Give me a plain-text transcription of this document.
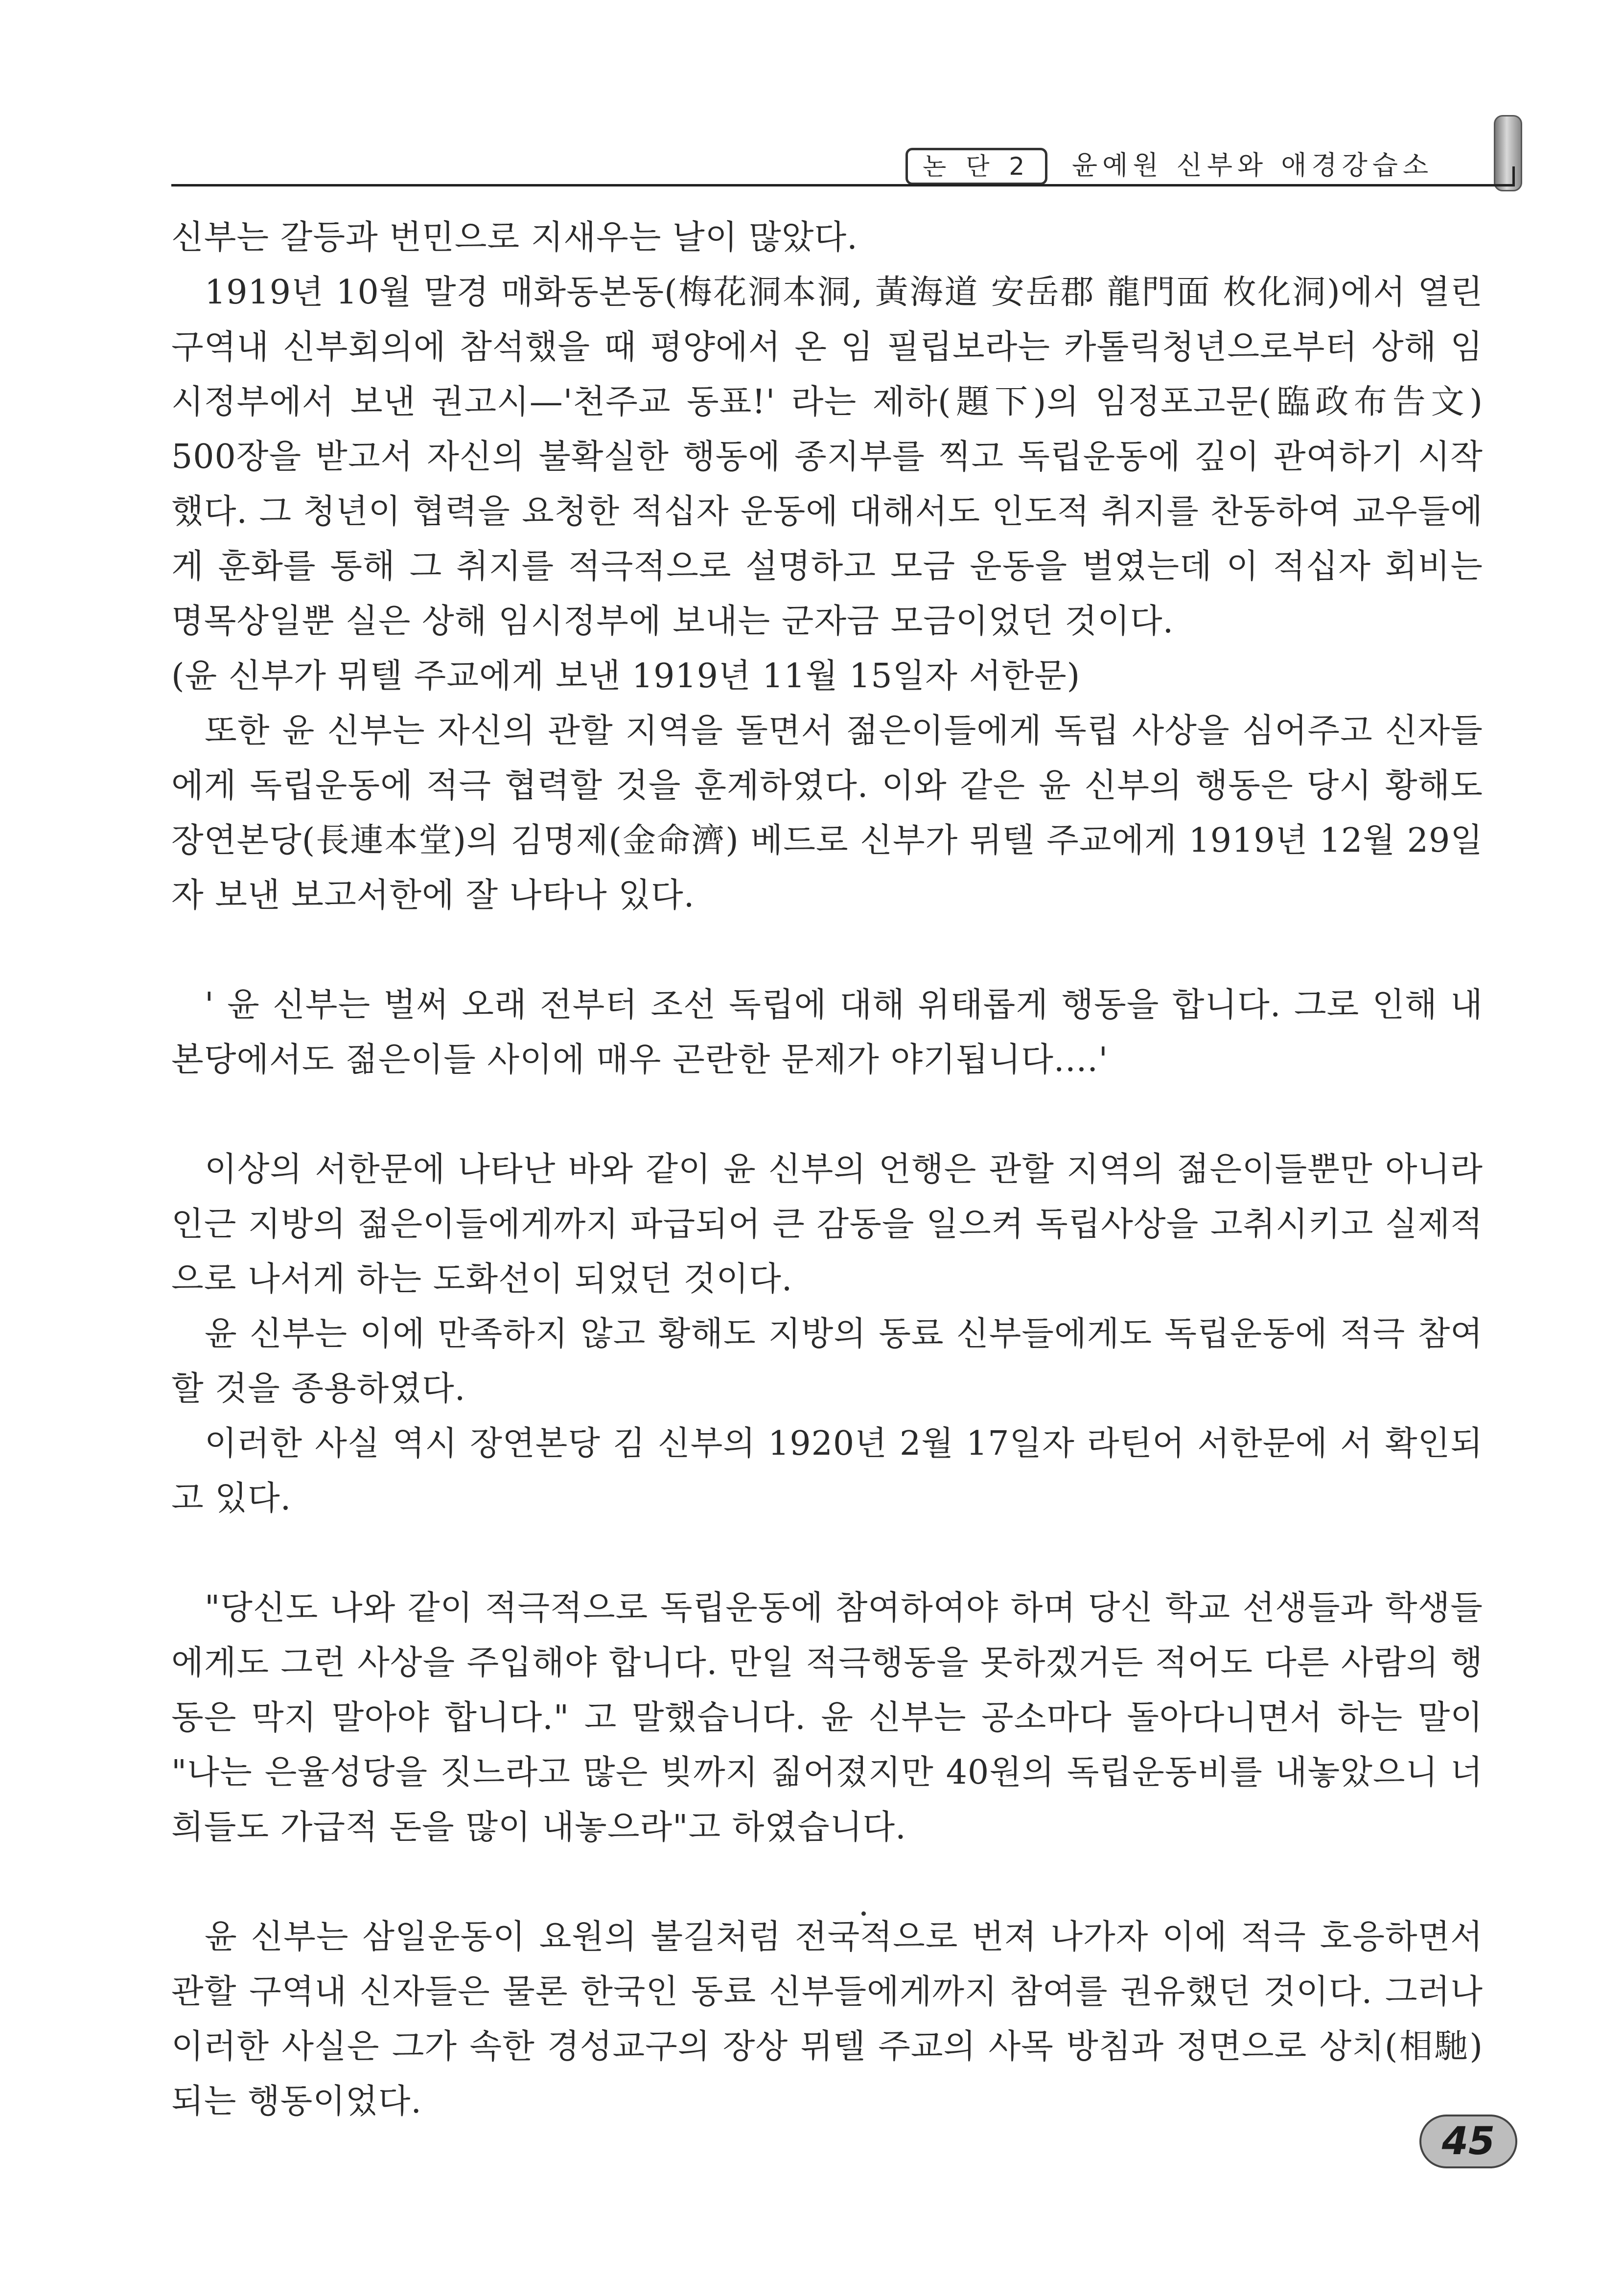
논 단 2	윤예원 신부와 애경강습소

신부는 갈등과 번민으로 지새우는 날이 많았다.

1919년 10월 말경 매화동본동(梅花洞本洞, 黃海道 安岳郡 龍門面 枚化洞)에서 열린 구역내 신부회의에 참석했을 때 평양에서 온 임 필립보라는 카톨릭청년으로부터 상해 임시정부에서 보낸 권고시—'천주교 동표!' 라는 제하(題下)의 임정포고문(臨政布告文) 500장을 받고서 자신의 불확실한 행동에 종지부를 찍고 독립운동에 깊이 관여하기 시작했다. 그 청년이 협력을 요청한 적십자 운동에 대해서도 인도적 취지를 찬동하여 교우들에게 훈화를 통해 그 취지를 적극적으로 설명하고 모금 운동을 벌였는데 이 적십자 회비는 명목상일뿐 실은 상해 임시정부에 보내는 군자금 모금이었던 것이다.

(윤 신부가 뮈텔 주교에게 보낸 1919년 11월 15일자 서한문)

또한 윤 신부는 자신의 관할 지역을 돌면서 젊은이들에게 독립 사상을 심어주고 신자들에게 독립운동에 적극 협력할 것을 훈계하였다. 이와 같은 윤 신부의 행동은 당시 황해도 장연본당(長連本堂)의 김명제(金命濟) 베드로 신부가 뮈텔 주교에게 1919년 12월 29일자 보낸 보고서한에 잘 나타나 있다.

' 윤 신부는 벌써 오래 전부터 조선 독립에 대해 위태롭게 행동을 합니다. 그로 인해 내 본당에서도 젊은이들 사이에 매우 곤란한 문제가 야기됩니다.…'

이상의 서한문에 나타난 바와 같이 윤 신부의 언행은 관할 지역의 젊은이들뿐만 아니라 인근 지방의 젊은이들에게까지 파급되어 큰 감동을 일으켜 독립사상을 고취시키고 실제적으로 나서게 하는 도화선이 되었던 것이다.

윤 신부는 이에 만족하지 않고 황해도 지방의 동료 신부들에게도 독립운동에 적극 참여할 것을 종용하였다.

이러한 사실 역시 장연본당 김 신부의 1920년 2월 17일자 라틴어 서한문에 서 확인되고 있다.

"당신도 나와 같이 적극적으로 독립운동에 참여하여야 하며 당신 학교 선생들과 학생들에게도 그런 사상을 주입해야 합니다. 만일 적극행동을 못하겠거든 적어도 다른 사람의 행동은 막지 말아야 합니다." 고 말했습니다. 윤 신부는 공소마다 돌아다니면서 하는 말이 "나는 은율성당을 짓느라고 많은 빚까지 짊어졌지만 40원의 독립운동비를 내놓았으니 너희들도 가급적 돈을 많이 내놓으라"고 하였습니다.

윤 신부는 삼일운동이 요원의 불길처럼 전국적으로 번져 나가자 이에 적극 호응하면서 관할 구역내 신자들은 물론 한국인 동료 신부들에게까지 참여를 권유했던 것이다. 그러나 이러한 사실은 그가 속한 경성교구의 장상 뮈텔 주교의 사목 방침과 정면으로 상치(相馳)되는 행동이었다.

45
